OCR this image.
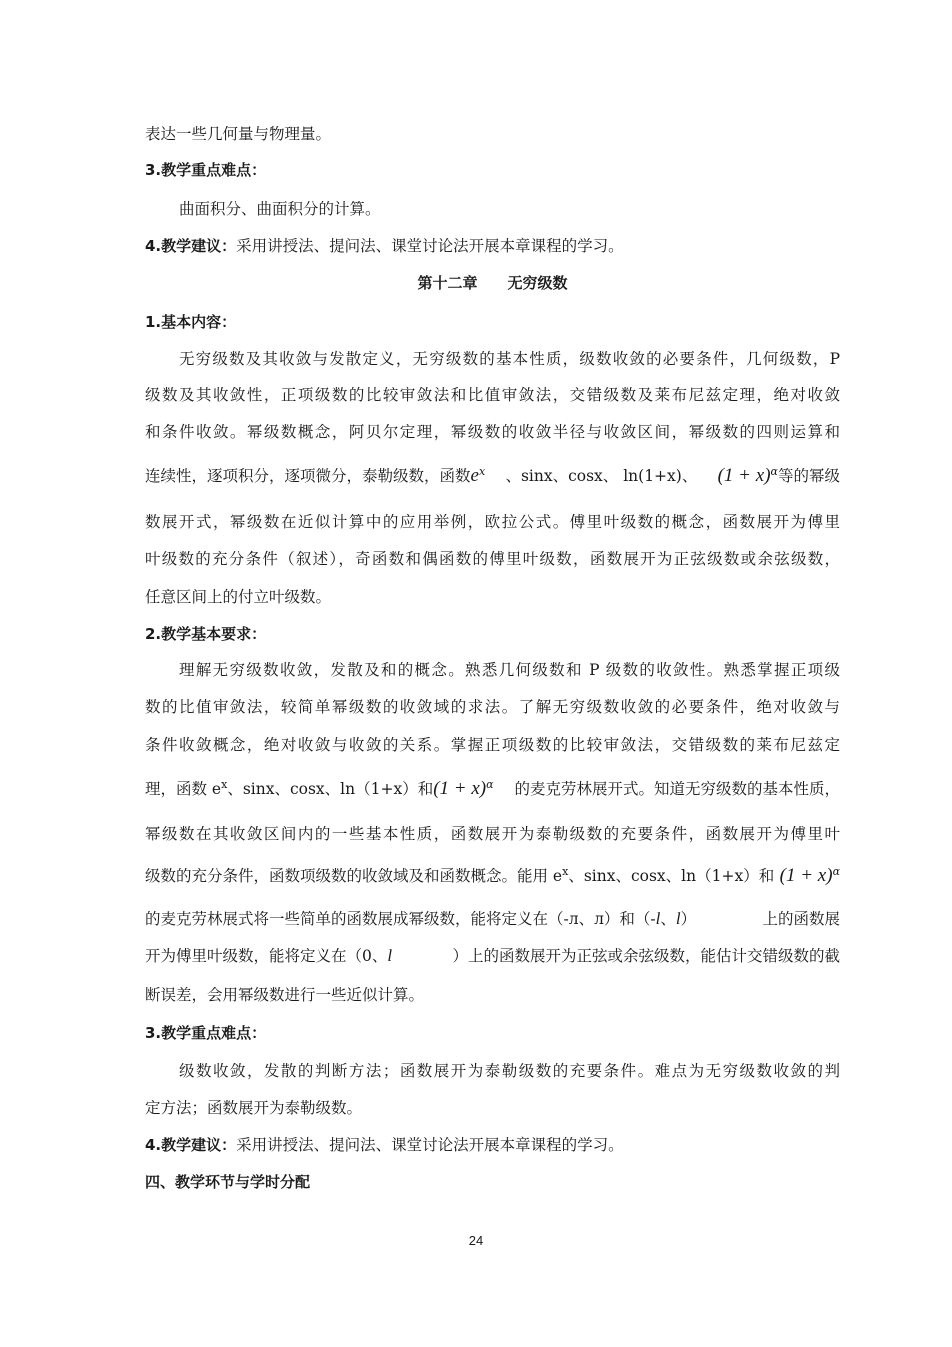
表达一些几何量与物理量。
3.教学重点难点：
曲面积分、曲面积分的计算。
4.教学建议：采用讲授法、提问法、课堂讨论法开展本章课程的学习。
第十二章 无穷级数
1.基本内容：
无穷级数及其收敛与发散定义，无穷级数的基本性质，级数收敛的必要条件，几何级数，P
级数及其收敛性，正项级数的比较审敛法和比值审敛法，交错级数及莱布尼兹定理，绝对收敛
和条件收敛。幂级数概念，阿贝尔定理，幂级数的收敛半径与收敛区间，幂级数的四则运算和
连续性，逐项积分，逐项微分，泰勒级数，函数$e^x$ 、sinx、cosx、 ln(1+x)、 $(1 + x)^\alpha$等的幂级
数展开式，幂级数在近似计算中的应用举例，欧拉公式。傅里叶级数的概念，函数展开为傅里
叶级数的充分条件（叙述），奇函数和偶函数的傅里叶级数，函数展开为正弦级数或余弦级数，
任意区间上的付立叶级数。
2.教学基本要求：
理解无穷级数收敛，发散及和的概念。熟悉几何级数和 P 级数的收敛性。熟悉掌握正项级
数的比值审敛法，较简单幂级数的收敛域的求法。了解无穷级数收敛的必要条件，绝对收敛与
条件收敛概念，绝对收敛与收敛的关系。掌握正项级数的比较审敛法，交错级数的莱布尼兹定
理，函数 $e^x$、sinx、cosx、ln（1+x）和$(1 + x)^\alpha$ 的麦克劳林展开式。知道无穷级数的基本性质，
幂级数在其收敛区间内的一些基本性质，函数展开为泰勒级数的充要条件，函数展开为傅里叶
级数的充分条件，函数项级数的收敛域及和函数概念。能用 $e^x$、sinx、cosx、ln（1+x）和 $(1 + x)^\alpha$
的麦克劳林展式将一些简单的函数展成幂级数，能将定义在（-л、л）和（-l、l）	上的函数展
开为傅里叶级数，能将定义在（0、l	）上的函数展开为正弦或余弦级数，能估计交错级数的截
断误差，会用幂级数进行一些近似计算。
3.教学重点难点：
级数收敛，发散的判断方法；函数展开为泰勒级数的充要条件。难点为无穷级数收敛的判
定方法；函数展开为泰勒级数。
4.教学建议：采用讲授法、提问法、课堂讨论法开展本章课程的学习。
四、教学环节与学时分配
24
